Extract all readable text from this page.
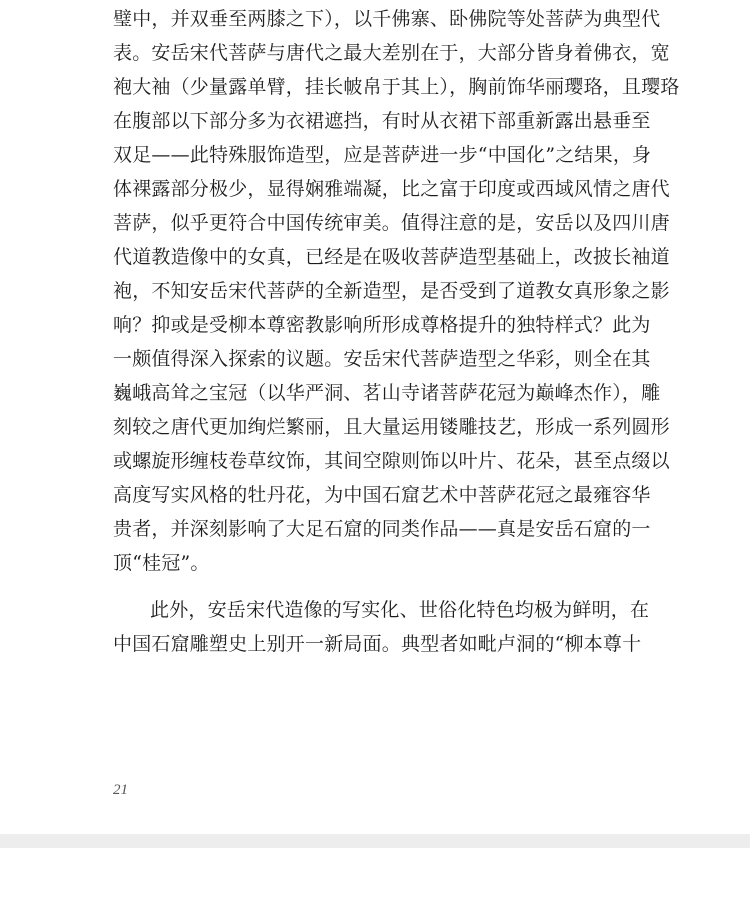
璧中，并双垂至两膝之下），以千佛寨、卧佛院等处菩萨为典型代
表。安岳宋代菩萨与唐代之最大差别在于，大部分皆身着佛衣，宽
袍大袖（少量露单臂，挂长帔帛于其上），胸前饰华丽璎珞，且璎珞
在腹部以下部分多为衣裙遮挡，有时从衣裙下部重新露出悬垂至
双足——此特殊服饰造型，应是菩萨进一步“中国化”之结果，身
体裸露部分极少，显得娴雅端凝，比之富于印度或西域风情之唐代
菩萨，似乎更符合中国传统审美。值得注意的是，安岳以及四川唐
代道教造像中的女真，已经是在吸收菩萨造型基础上，改披长袖道
袍，不知安岳宋代菩萨的全新造型，是否受到了道教女真形象之影
响？抑或是受柳本尊密教影响所形成尊格提升的独特样式？此为
一颇值得深入探索的议题。安岳宋代菩萨造型之华彩，则全在其
巍峨高耸之宝冠（以华严洞、茗山寺诸菩萨花冠为巅峰杰作），雕
刻较之唐代更加绚烂繁丽，且大量运用镂雕技艺，形成一系列圆形
或螺旋形缠枝卷草纹饰，其间空隙则饰以叶片、花朵，甚至点缀以
高度写实风格的牡丹花，为中国石窟艺术中菩萨花冠之最雍容华
贵者，并深刻影响了大足石窟的同类作品——真是安岳石窟的一
顶“桂冠”。
此外，安岳宋代造像的写实化、世俗化特色均极为鲜明，在
中国石窟雕塑史上别开一新局面。典型者如毗卢洞的“柳本尊十
21
